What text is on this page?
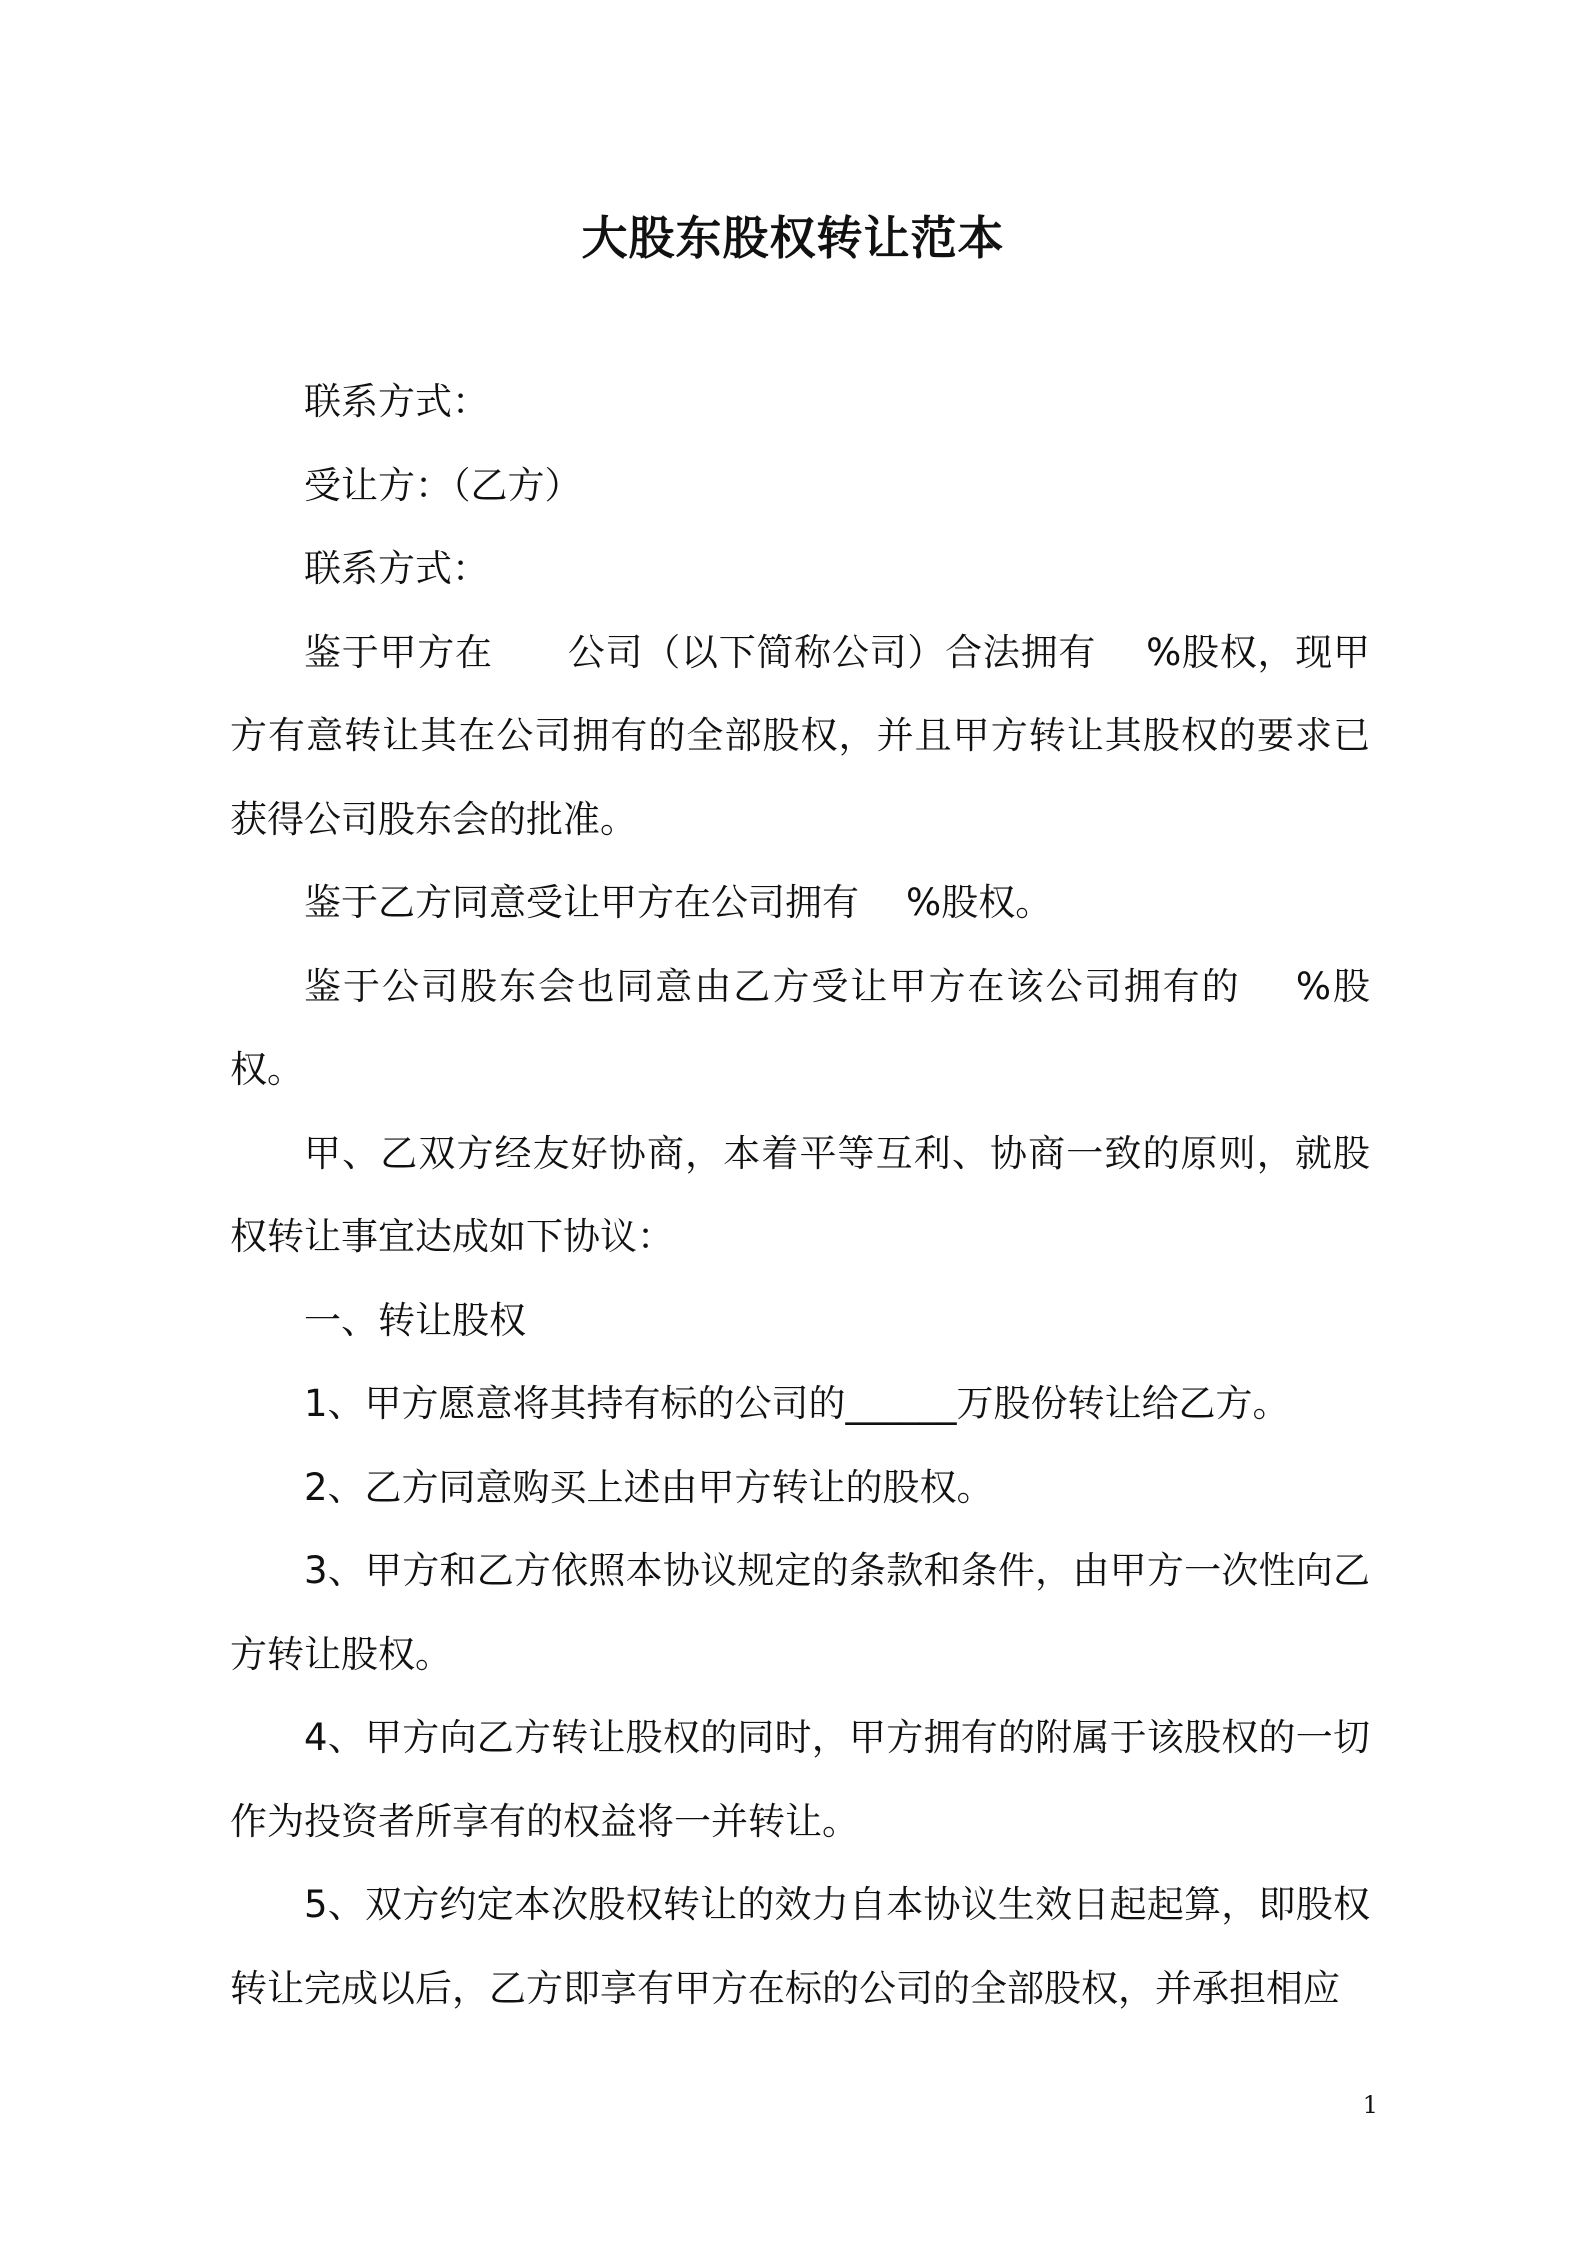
大股东股权转让范本

联系方式：

受让方：（乙方）

联系方式：

鉴于甲方在      公司（以下简称公司）合法拥有    %股权，现甲方有意转让其在公司拥有的全部股权，并且甲方转让其股权的要求已获得公司股东会的批准。

鉴于乙方同意受让甲方在公司拥有    %股权。

鉴于公司股东会也同意由乙方受让甲方在该公司拥有的    %股权。

甲、乙双方经友好协商，本着平等互利、协商一致的原则，就股权转让事宜达成如下协议：

一、转让股权

1、甲方愿意将其持有标的公司的______万股份转让给乙方。

2、乙方同意购买上述由甲方转让的股权。

3、甲方和乙方依照本协议规定的条款和条件，由甲方一次性向乙方转让股权。

4、甲方向乙方转让股权的同时，甲方拥有的附属于该股权的一切作为投资者所享有的权益将一并转让。

5、双方约定本次股权转让的效力自本协议生效日起起算，即股权转让完成以后，乙方即享有甲方在标的公司的全部股权，并承担相应

1
